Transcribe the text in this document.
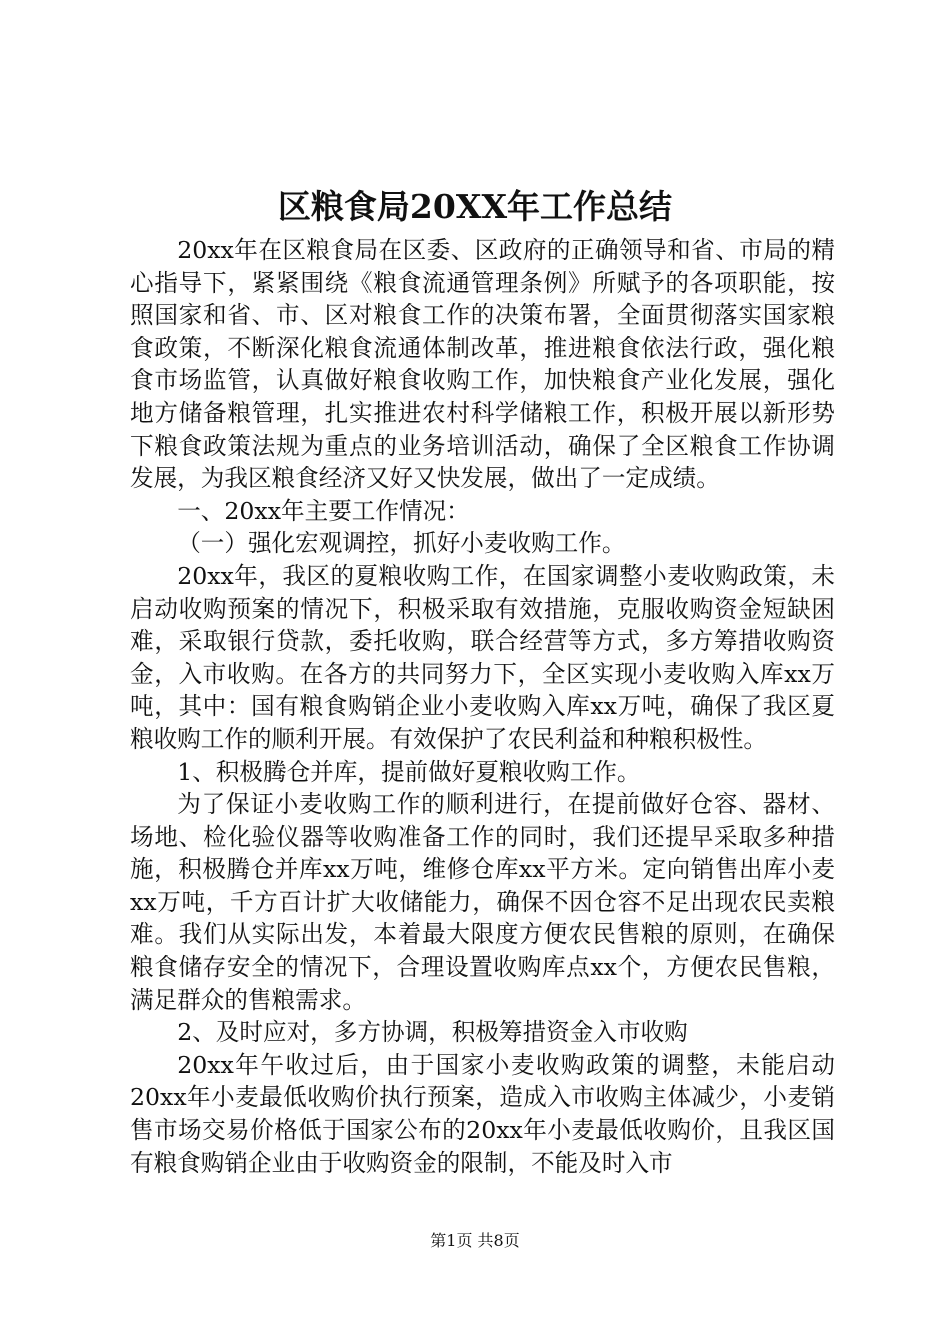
区粮食局20XX年工作总结

20xx年在区粮食局在区委、区政府的正确领导和省、市局的精心指导下，紧紧围绕《粮食流通管理条例》所赋予的各项职能，按照国家和省、市、区对粮食工作的决策布署，全面贯彻落实国家粮食政策，不断深化粮食流通体制改革，推进粮食依法行政，强化粮食市场监管，认真做好粮食收购工作，加快粮食产业化发展，强化地方储备粮管理，扎实推进农村科学储粮工作，积极开展以新形势下粮食政策法规为重点的业务培训活动，确保了全区粮食工作协调发展，为我区粮食经济又好又快发展，做出了一定成绩。

一、20xx年主要工作情况：

（一）强化宏观调控，抓好小麦收购工作。

20xx年，我区的夏粮收购工作，在国家调整小麦收购政策，未启动收购预案的情况下，积极采取有效措施，克服收购资金短缺困难，采取银行贷款，委托收购，联合经营等方式，多方筹措收购资金，入市收购。在各方的共同努力下，全区实现小麦收购入库xx万吨，其中：国有粮食购销企业小麦收购入库xx万吨，确保了我区夏粮收购工作的顺利开展。有效保护了农民利益和种粮积极性。

1、积极腾仓并库，提前做好夏粮收购工作。

为了保证小麦收购工作的顺利进行，在提前做好仓容、器材、场地、检化验仪器等收购准备工作的同时，我们还提早采取多种措施，积极腾仓并库xx万吨，维修仓库xx平方米。定向销售出库小麦xx万吨，千方百计扩大收储能力，确保不因仓容不足出现农民卖粮难。我们从实际出发，本着最大限度方便农民售粮的原则，在确保粮食储存安全的情况下，合理设置收购库点xx个，方便农民售粮，满足群众的售粮需求。

2、及时应对，多方协调，积极筹措资金入市收购

20xx年午收过后，由于国家小麦收购政策的调整，未能启动20xx年小麦最低收购价执行预案，造成入市收购主体减少，小麦销售市场交易价格低于国家公布的20xx年小麦最低收购价，且我区国有粮食购销企业由于收购资金的限制，不能及时入市

第1页 共8页
